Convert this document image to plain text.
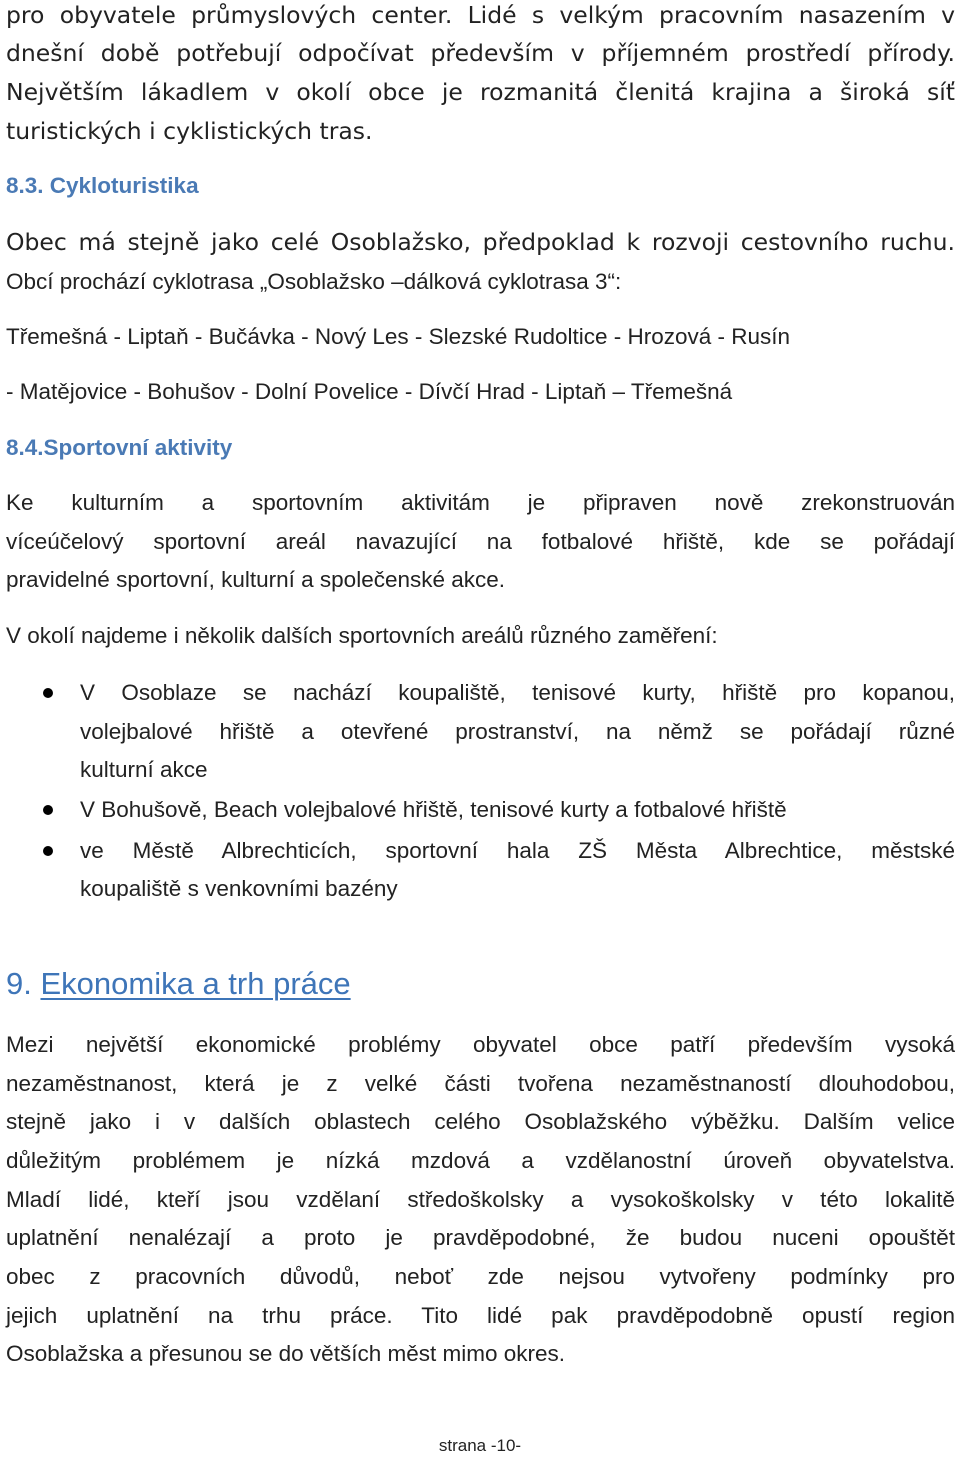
pro obyvatele průmyslových center. Lidé s velkým pracovním nasazením v
dnešní době potřebují odpočívat především v příjemném prostředí přírody.
Největším lákadlem v okolí obce je rozmanitá členitá krajina a široká síť
turistických i cyklistických tras.
8.3. Cykloturistika
Obec má stejně jako celé Osoblažsko, předpoklad k rozvoji cestovního ruchu.
Obcí prochází cyklotrasa „Osoblažsko –dálková cyklotrasa 3“:
Třemešná - Liptaň - Bučávka - Nový Les - Slezské Rudoltice - Hrozová - Rusín
- Matějovice - Bohušov - Dolní Povelice - Dívčí Hrad - Liptaň – Třemešná
8.4.Sportovní aktivity
Ke kulturním a sportovním aktivitám je připraven nově zrekonstruován
víceúčelový sportovní areál navazující na fotbalové hřiště, kde se pořádají
pravidelné sportovní, kulturní a společenské akce.
V okolí najdeme i několik dalších sportovních areálů různého zaměření:
V Osoblaze se nachází koupaliště, tenisové kurty, hřiště pro kopanou,
volejbalové hřiště a otevřené prostranství, na němž se pořádají různé
kulturní akce
V Bohušově, Beach volejbalové hřiště, tenisové kurty a fotbalové hřiště
ve Městě Albrechticích, sportovní hala ZŠ Města Albrechtice, městské
koupaliště s venkovními bazény
9. Ekonomika a trh práce
Mezi největší ekonomické problémy obyvatel obce patří především vysoká
nezaměstnanost, která je z velké části tvořena nezaměstnaností dlouhodobou,
stejně jako i v dalších oblastech celého Osoblažského výběžku. Dalším velice
důležitým problémem je nízká mzdová a vzdělanostní úroveň obyvatelstva.
Mladí lidé, kteří jsou vzdělaní středoškolsky a vysokoškolsky v této lokalitě
uplatnění nenalézají a proto je pravděpodobné, že budou nuceni opouštět
obec z pracovních důvodů, neboť zde nejsou vytvořeny podmínky pro
jejich uplatnění na trhu práce. Tito lidé pak pravděpodobně opustí region
Osoblažska a přesunou se do větších měst mimo okres.
strana -10-
